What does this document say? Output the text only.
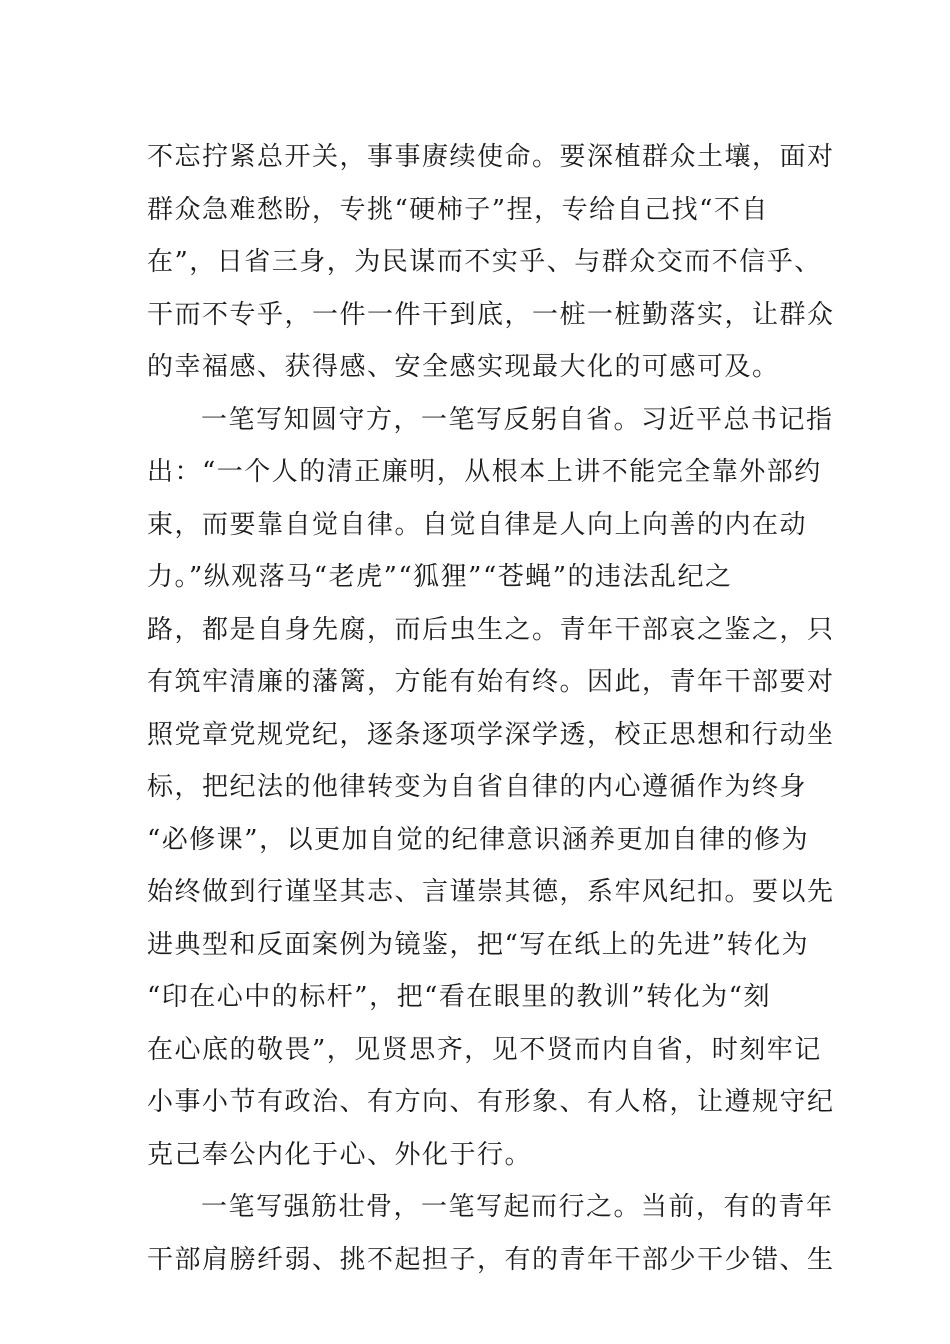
不忘拧紧总开关，事事赓续使命。要深植群众土壤，面对
群众急难愁盼，专挑“硬柿子”捏，专给自己找“不自
在”，日省三身，为民谋而不实乎、与群众交而不信乎、
干而不专乎，一件一件干到底，一桩一桩勤落实，让群众
的幸福感、获得感、安全感实现最大化的可感可及。
一笔写知圆守方，一笔写反躬自省。习近平总书记指
出：“一个人的清正廉明，从根本上讲不能完全靠外部约
束，而要靠自觉自律。自觉自律是人向上向善的内在动
力。”纵观落马“老虎”“狐狸”“苍蝇”的违法乱纪之
路，都是自身先腐，而后虫生之。青年干部哀之鉴之，只
有筑牢清廉的藩篱，方能有始有终。因此，青年干部要对
照党章党规党纪，逐条逐项学深学透，校正思想和行动坐
标，把纪法的他律转变为自省自律的内心遵循作为终身
“必修课”，以更加自觉的纪律意识涵养更加自律的修为
始终做到行谨坚其志、言谨崇其德，系牢风纪扣。要以先
进典型和反面案例为镜鉴，把“写在纸上的先进”转化为
“印在心中的标杆”，把“看在眼里的教训”转化为“刻
在心底的敬畏”，见贤思齐，见不贤而内自省，时刻牢记
小事小节有政治、有方向、有形象、有人格，让遵规守纪
克己奉公内化于心、外化于行。
一笔写强筋壮骨，一笔写起而行之。当前，有的青年
干部肩膀纤弱、挑不起担子，有的青年干部少干少错、生
